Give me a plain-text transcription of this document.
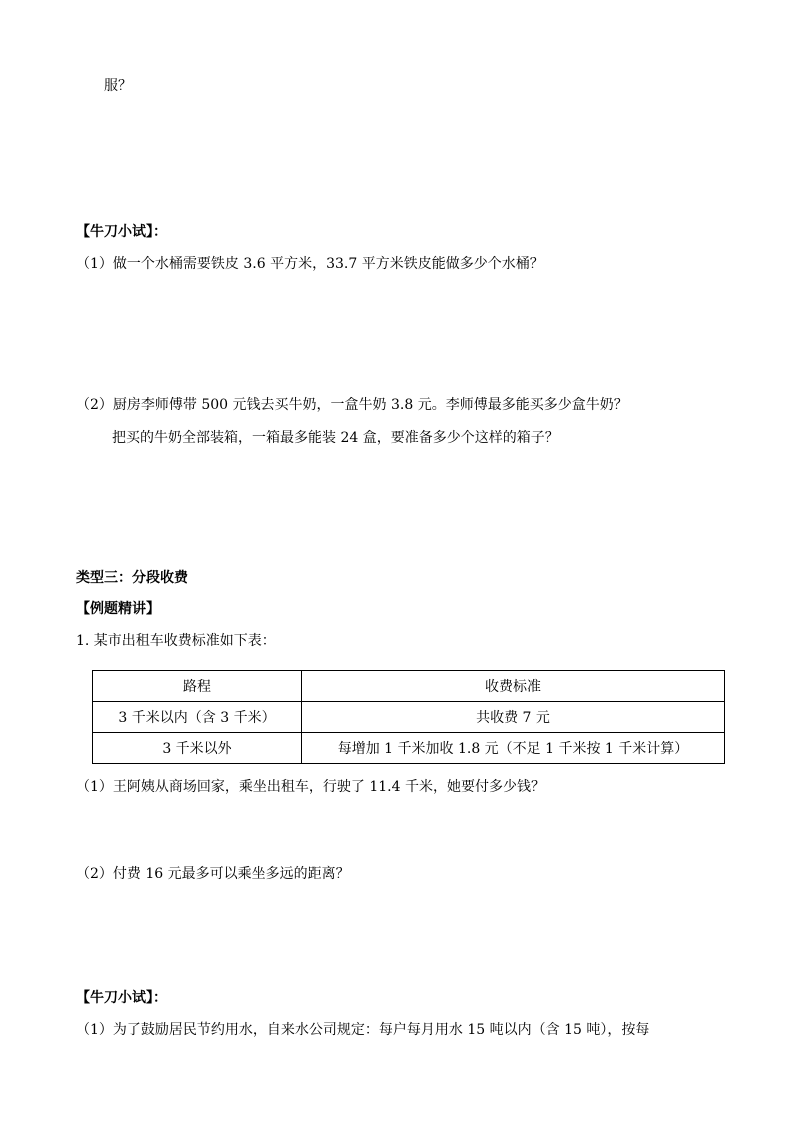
服？
【牛刀小试】：
（1）做一个水桶需要铁皮 3.6 平方米，33.7 平方米铁皮能做多少个水桶？
（2）厨房李师傅带 500 元钱去买牛奶，一盒牛奶 3.8 元。李师傅最多能买多少盒牛奶？
把买的牛奶全部装箱，一箱最多能装 24 盒，要准备多少个这样的箱子？
类型三：分段收费
【例题精讲】
1. 某市出租车收费标准如下表：
路程	收费标准
3 千米以内（含 3 千米）	共收费 7 元
3 千米以外	每增加 1 千米加收 1.8 元（不足 1 千米按 1 千米计算）
（1）王阿姨从商场回家，乘坐出租车，行驶了 11.4 千米，她要付多少钱？
（2）付费 16 元最多可以乘坐多远的距离？
【牛刀小试】：
（1）为了鼓励居民节约用水，自来水公司规定：每户每月用水 15 吨以内（含 15 吨），按每
